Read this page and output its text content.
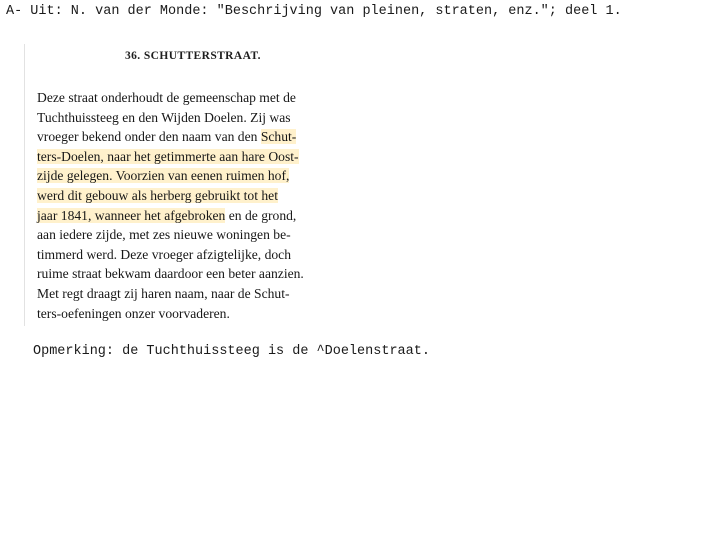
A- Uit: N. van der Monde: "Beschrijving van pleinen, straten, enz."; deel 1.

36. SCHUTTERSTRAAT.
Deze straat onderhoudt de gemeenschap met de
Tuchthuissteeg en den Wijden Doelen. Zij was
vroeger bekend onder den naam van den Schut-
ters-Doelen, naar het getimmerte aan hare Oost-
zijde gelegen. Voorzien van eenen ruimen hof,
werd dit gebouw als herberg gebruikt tot het
jaar 1841, wanneer het afgebroken en de grond,
aan iedere zijde, met zes nieuwe woningen be-
timmerd werd. Deze vroeger afzigtelijke, doch
ruime straat bekwam daardoor een beter aanzien.
Met regt draagt zij haren naam, naar de Schut-
ters-oefeningen onzer voorvaderen.

Opmerking: de Tuchthuissteeg is de ^Doelenstraat.
